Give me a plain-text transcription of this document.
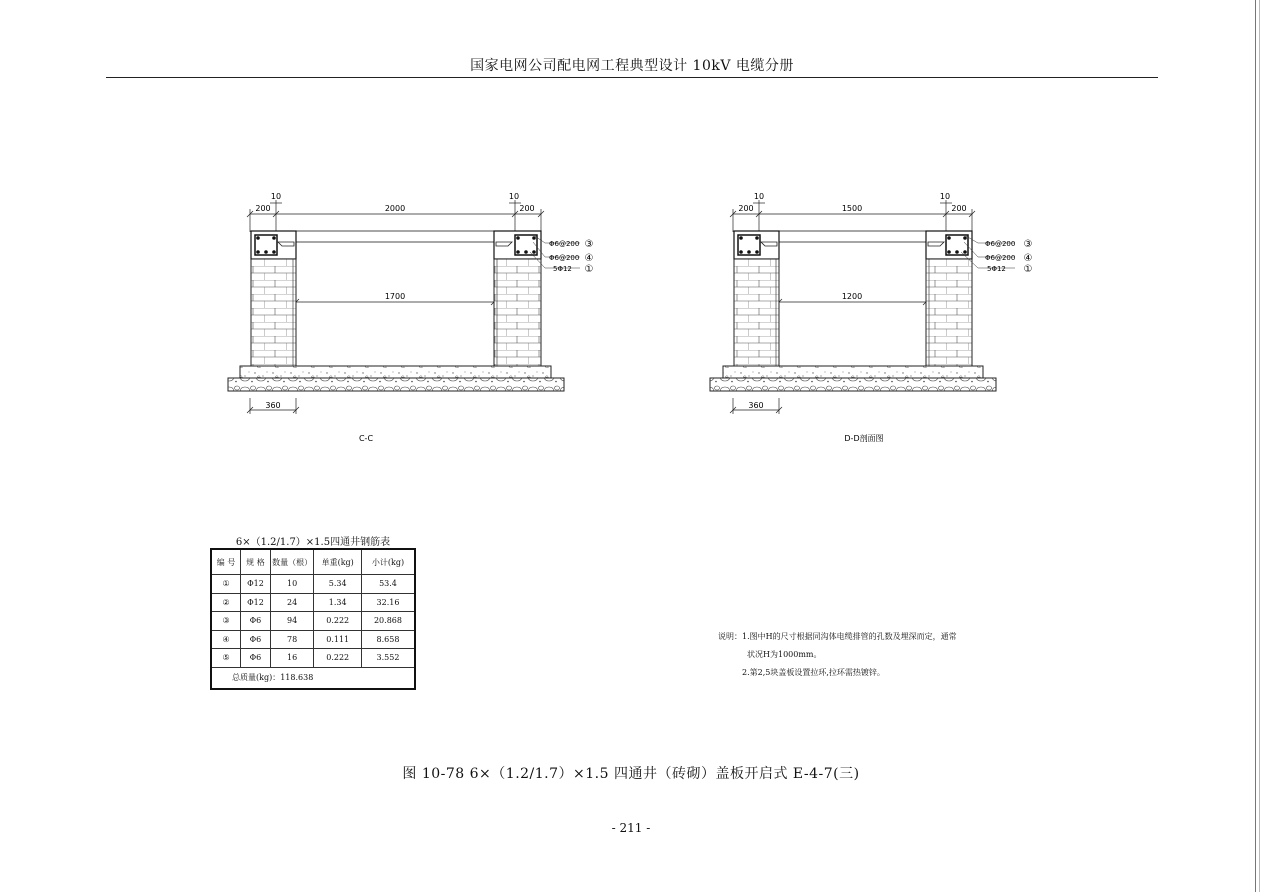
国家电网公司配电网工程典型设计 10kV 电缆分册
10	10
200	2000	200
1700
360
Φ6@200
Φ6@200
5Φ12
③
④
①
C-C
10	10
200	1500	200
1200
360
Φ6@200
Φ6@200
5Φ12
③
④
①
D-D剖面图
6×（1.2/1.7）×1.5四通井钢筋表
编 号	规 格	数量（根）	单重(kg)	小计(kg)
①	Φ12	10	5.34	53.4
②	Φ12	24	1.34	32.16
③	Φ6	94	0.222	20.868
④	Φ6	78	0.111	8.658
⑤	Φ6	16	0.222	3.552
总质量(kg)：118.638				
说明：1.图中H的尺寸根据同沟体电缆排管的孔数及埋深而定，通常
状况H为1000mm。
2.第2,5块盖板设置拉环,拉环需热镀锌。
图 10-78 6×（1.2/1.7）×1.5 四通井（砖砌）盖板开启式 E-4-7(三)
- 211 -
